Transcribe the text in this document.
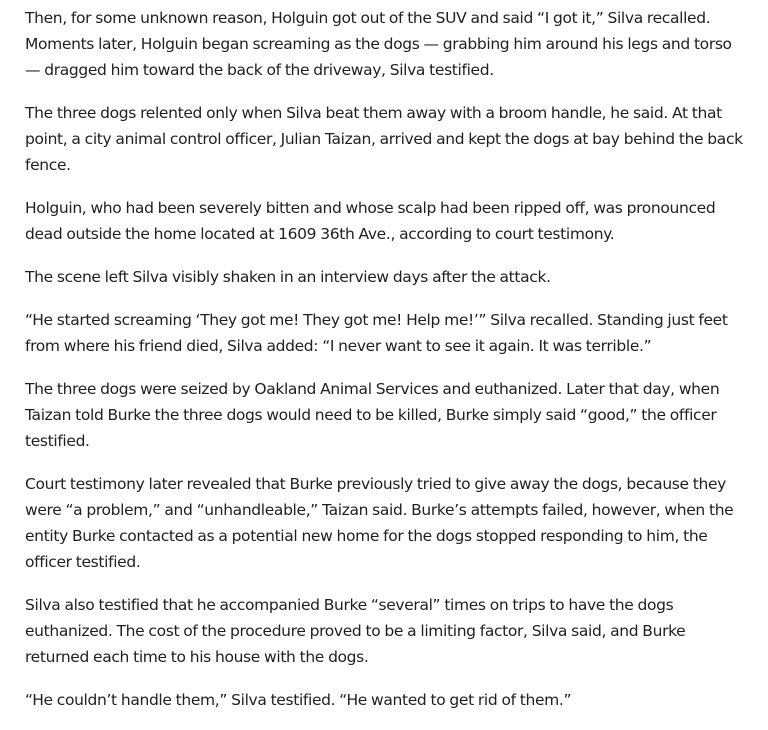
Then, for some unknown reason, Holguin got out of the SUV and said “I got it,” Silva recalled. Moments later, Holguin began screaming as the dogs — grabbing him around his legs and torso — dragged him toward the back of the driveway, Silva testified.

The three dogs relented only when Silva beat them away with a broom handle, he said. At that point, a city animal control officer, Julian Taizan, arrived and kept the dogs at bay behind the back fence.

Holguin, who had been severely bitten and whose scalp had been ripped off, was pronounced dead outside the home located at 1609 36th Ave., according to court testimony.

The scene left Silva visibly shaken in an interview days after the attack.

“He started screaming ‘They got me! They got me! Help me!’” Silva recalled. Standing just feet from where his friend died, Silva added: “I never want to see it again. It was terrible.”

The three dogs were seized by Oakland Animal Services and euthanized. Later that day, when Taizan told Burke the three dogs would need to be killed, Burke simply said “good,” the officer testified.

Court testimony later revealed that Burke previously tried to give away the dogs, because they were “a problem,” and “unhandleable,” Taizan said. Burke’s attempts failed, however, when the entity Burke contacted as a potential new home for the dogs stopped responding to him, the officer testified.

Silva also testified that he accompanied Burke “several” times on trips to have the dogs euthanized. The cost of the procedure proved to be a limiting factor, Silva said, and Burke returned each time to his house with the dogs.

“He couldn’t handle them,” Silva testified. “He wanted to get rid of them.”
